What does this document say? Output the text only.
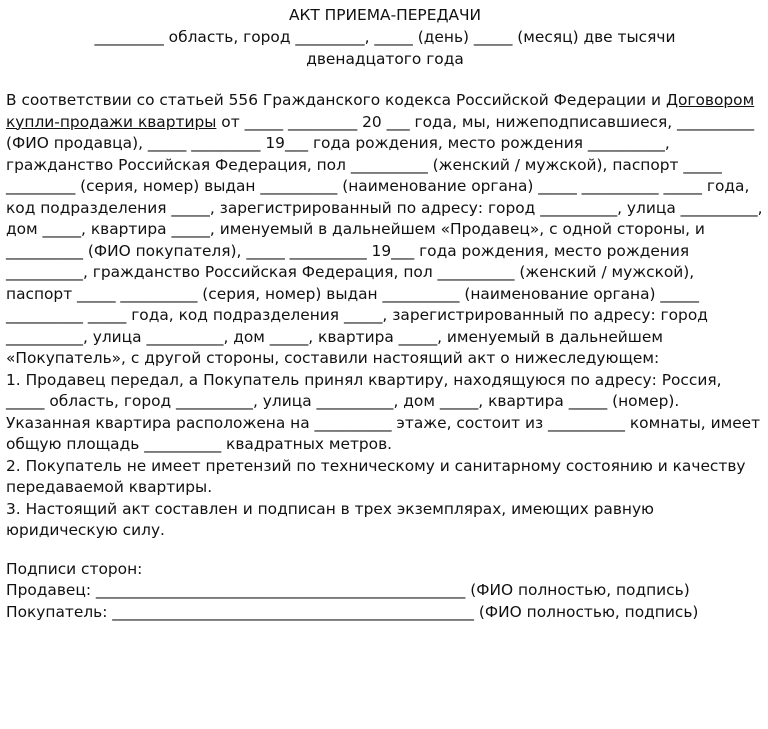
АКТ ПРИЕМА-ПЕРЕДАЧИ

_________ область, город _________, _____ (день) _____ (месяц) две тысячи

двенадцатого года

В соответствии со статьей 556 Гражданского кодекса Российской Федерации и Договором купли-продажи квартиры от _____ _________ 20 ___ года, мы, нижеподписавшиеся, __________ (ФИО продавца), _____ _________ 19___ года рождения, место рождения __________, гражданство Российская Федерация, пол __________ (женский / мужской), паспорт _____ _________ (серия, номер) выдан __________ (наименование органа) _____ __________ _____ года, код подразделения _____, зарегистрированный по адресу: город __________, улица __________, дом _____, квартира _____, именуемый в дальнейшем «Продавец», с одной стороны, и __________ (ФИО покупателя), _____ __________ 19___ года рождения, место рождения __________, гражданство Российская Федерация, пол __________ (женский / мужской), паспорт _____ __________ (серия, номер) выдан __________ (наименование органа) _____ __________ _____ года, код подразделения _____, зарегистрированный по адресу: город __________, улица __________, дом _____, квартира _____, именуемый в дальнейшем «Покупатель», с другой стороны, составили настоящий акт о нижеследующем:

1. Продавец передал, а Покупатель принял квартиру, находящуюся по адресу: Россия, _____ область, город __________, улица __________, дом _____, квартира _____ (номер). Указанная квартира расположена на __________ этаже, состоит из __________ комнаты, имеет общую площадь __________ квадратных метров.

2. Покупатель не имеет претензий по техническому и санитарному состоянию и качеству передаваемой квартиры.

3. Настоящий акт составлен и подписан в трех экземплярах, имеющих равную юридическую силу.

Подписи сторон:

Продавец: ________________________________________________ (ФИО полностью, подпись)

Покупатель: _______________________________________________ (ФИО полностью, подпись)
